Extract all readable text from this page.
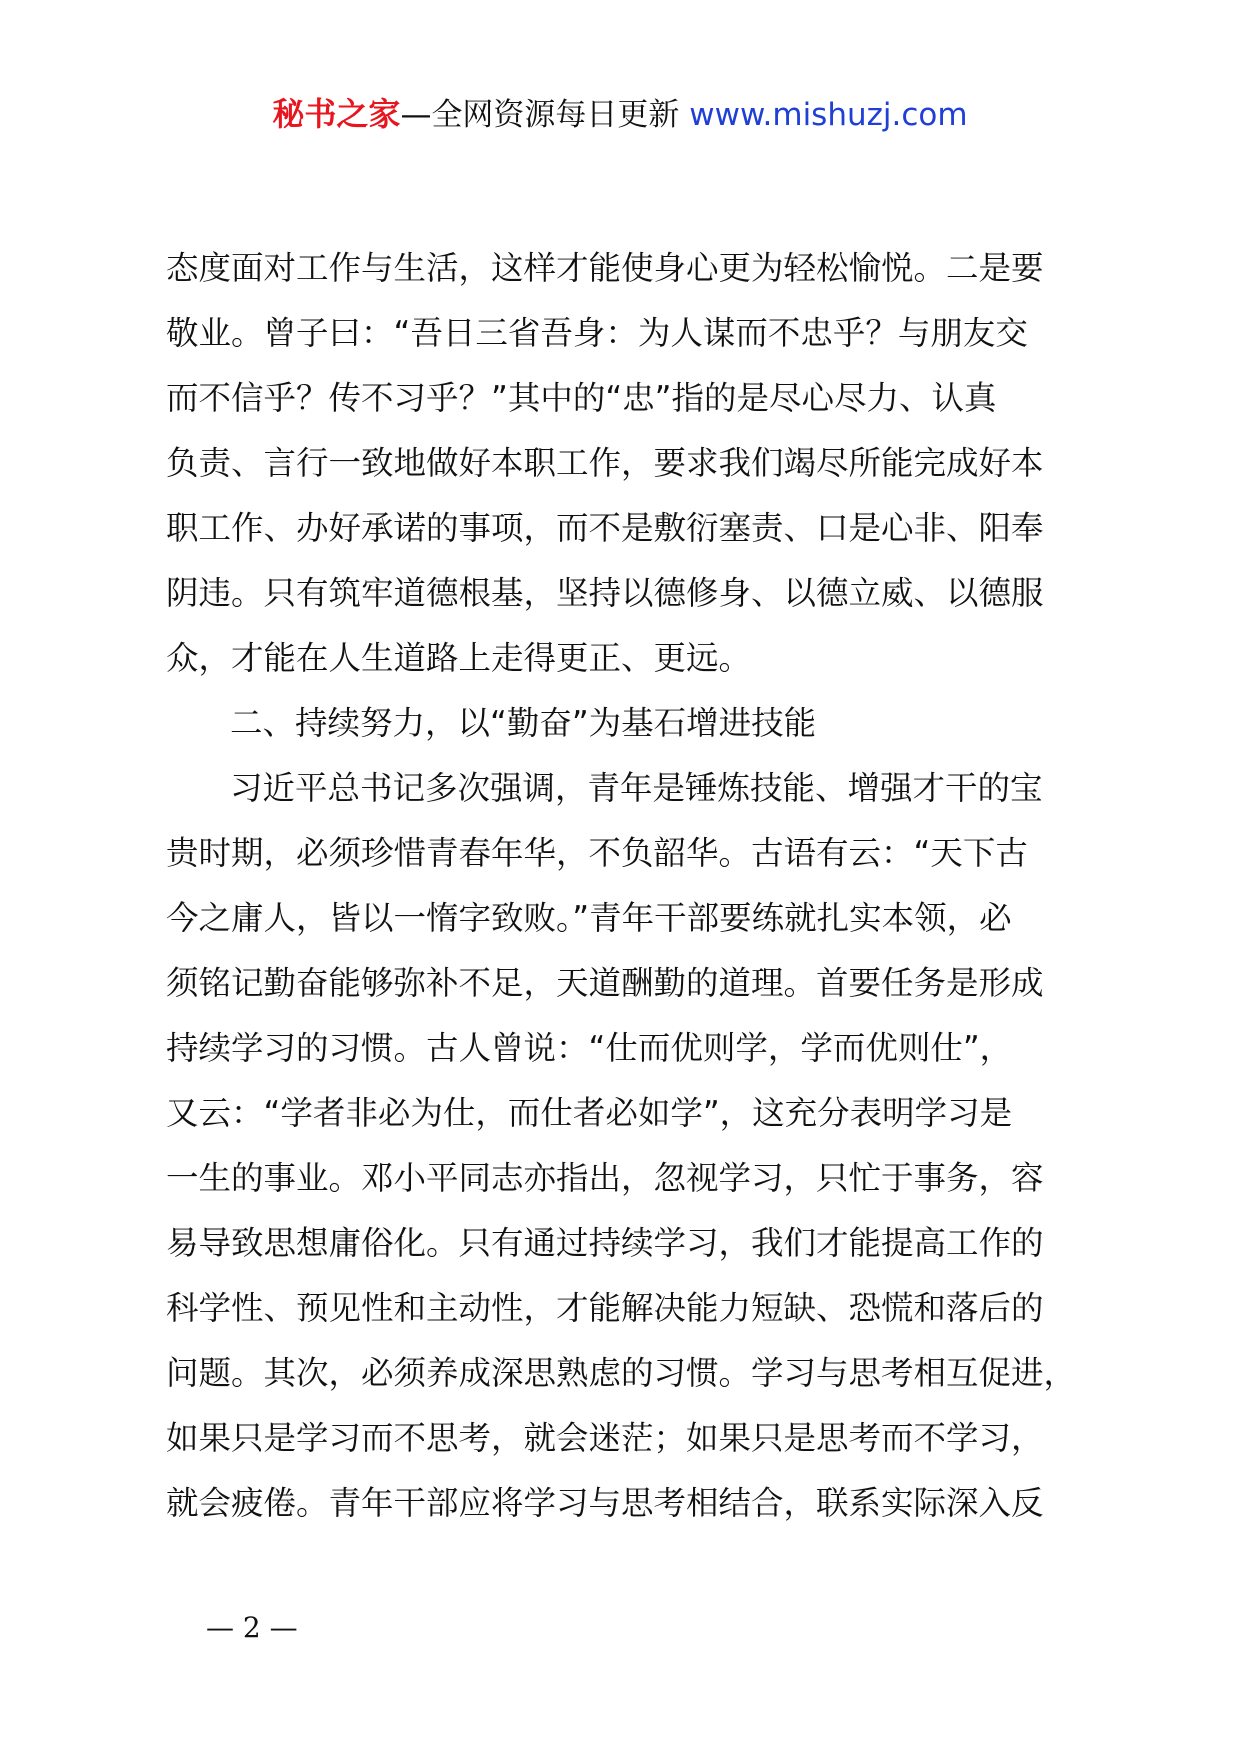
秘书之家—全网资源每日更新 www.mishuzj.com
态度面对工作与生活，这样才能使身心更为轻松愉悦。二是要
敬业。曾子曰：“吾日三省吾身：为人谋而不忠乎？与朋友交
而不信乎？传不习乎？”其中的“忠”指的是尽心尽力、认真
负责、言行一致地做好本职工作，要求我们竭尽所能完成好本
职工作、办好承诺的事项，而不是敷衍塞责、口是心非、阳奉
阴违。只有筑牢道德根基，坚持以德修身、以德立威、以德服
众，才能在人生道路上走得更正、更远。
二、持续努力，以“勤奋”为基石增进技能
习近平总书记多次强调，青年是锤炼技能、增强才干的宝
贵时期，必须珍惜青春年华，不负韶华。古语有云：“天下古
今之庸人，皆以一惰字致败。”青年干部要练就扎实本领，必
须铭记勤奋能够弥补不足，天道酬勤的道理。首要任务是形成
持续学习的习惯。古人曾说：“仕而优则学，学而优则仕”，
又云：“学者非必为仕，而仕者必如学”，这充分表明学习是
一生的事业。邓小平同志亦指出，忽视学习，只忙于事务，容
易导致思想庸俗化。只有通过持续学习，我们才能提高工作的
科学性、预见性和主动性，才能解决能力短缺、恐慌和落后的
问题。其次，必须养成深思熟虑的习惯。学习与思考相互促进，
如果只是学习而不思考，就会迷茫；如果只是思考而不学习，
就会疲倦。青年干部应将学习与思考相结合，联系实际深入反
— 2 —
